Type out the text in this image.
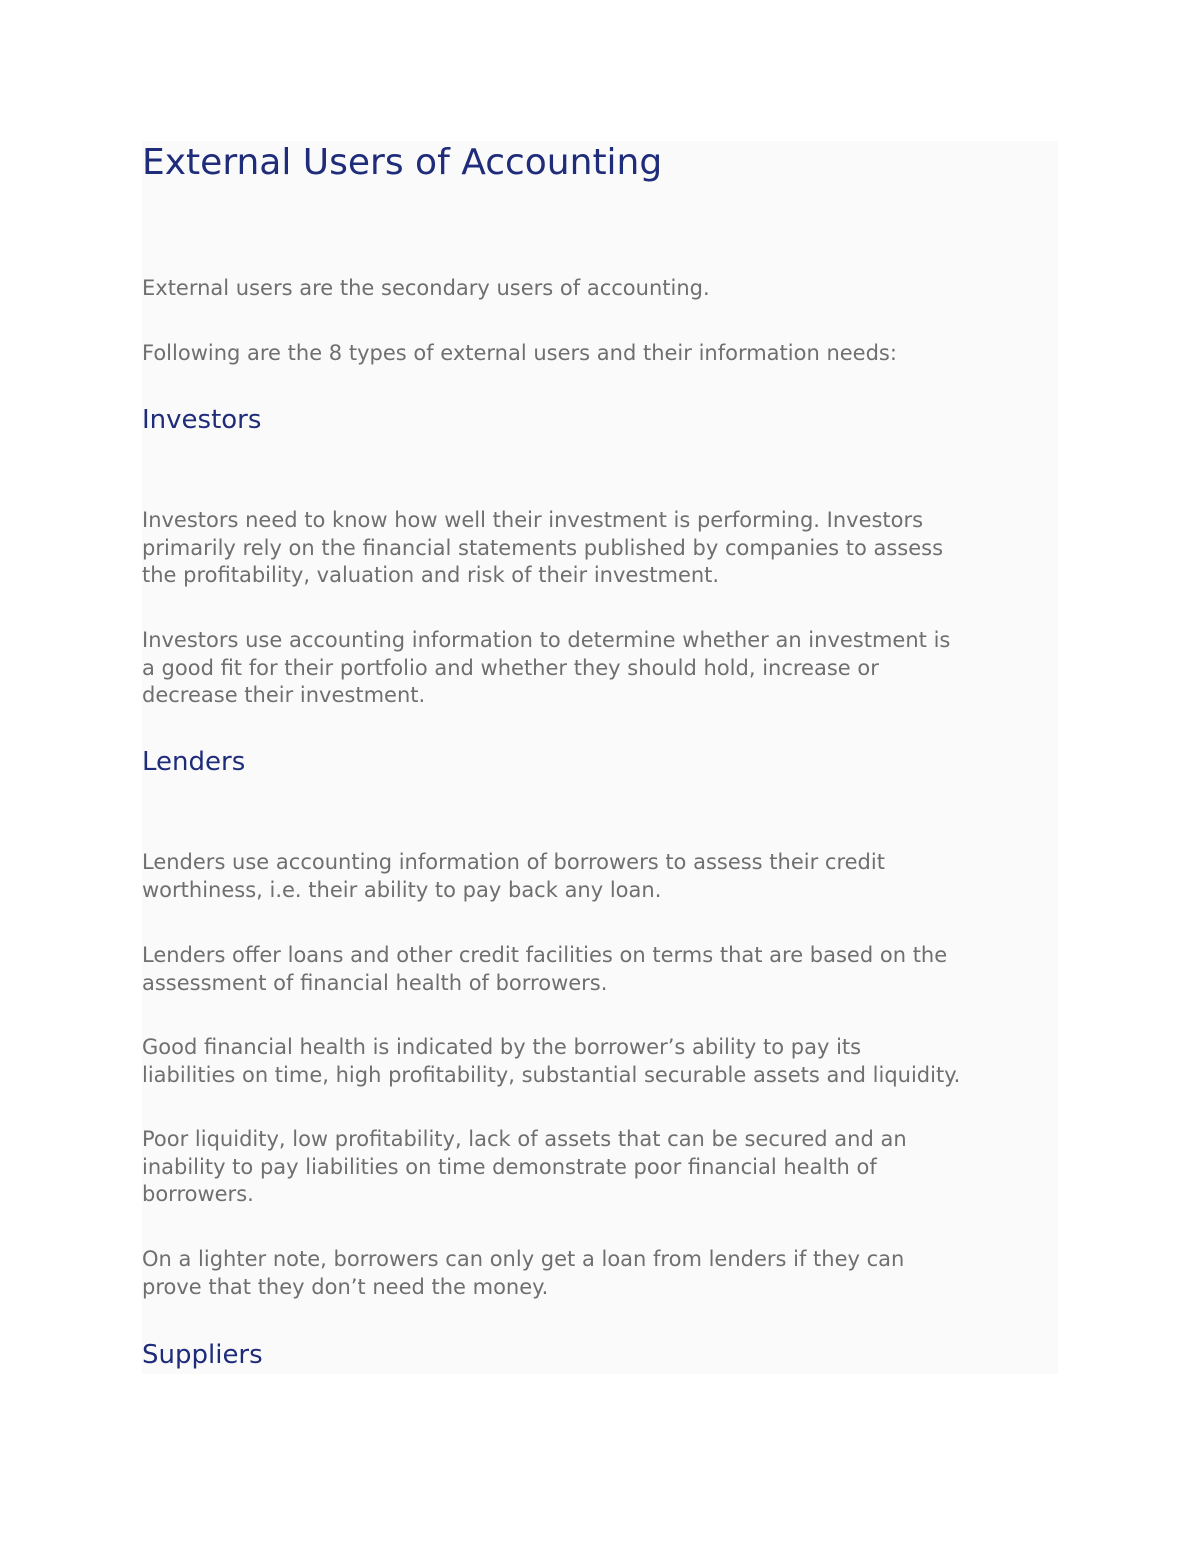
External Users of Accounting

External users are the secondary users of accounting.

Following are the 8 types of external users and their information needs:

Investors

Investors need to know how well their investment is performing. Investors
primarily rely on the financial statements published by companies to assess
the profitability, valuation and risk of their investment.

Investors use accounting information to determine whether an investment is
a good fit for their portfolio and whether they should hold, increase or
decrease their investment.

Lenders

Lenders use accounting information of borrowers to assess their credit
worthiness, i.e. their ability to pay back any loan.

Lenders offer loans and other credit facilities on terms that are based on the
assessment of financial health of borrowers.

Good financial health is indicated by the borrower’s ability to pay its
liabilities on time, high profitability, substantial securable assets and liquidity.

Poor liquidity, low profitability, lack of assets that can be secured and an
inability to pay liabilities on time demonstrate poor financial health of
borrowers.

On a lighter note, borrowers can only get a loan from lenders if they can
prove that they don’t need the money.

Suppliers
